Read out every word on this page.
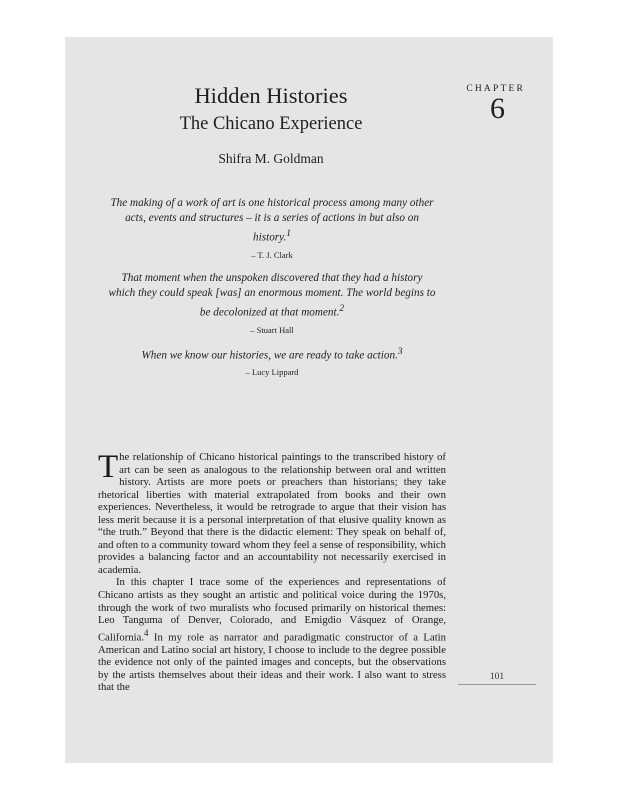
CHAPTER
6
Hidden Histories
The Chicano Experience
Shifra M. Goldman
The making of a work of art is one historical process among many other acts, events and structures – it is a series of actions in but also on history.$^1$
– T. J. Clark
That moment when the unspoken discovered that they had a history which they could speak [was] an enormous moment. The world begins to be decolonized at that moment.$^2$
– Stuart Hall
When we know our histories, we are ready to take action.$^3$
– Lucy Lippard

The relationship of Chicano historical paintings to the transcribed history of art can be seen as analogous to the relationship between oral and written history. Artists are more poets or preachers than historians; they take rhetorical liberties with material extrapolated from books and their own experiences. Nevertheless, it would be retrograde to argue that their vision has less merit because it is a personal interpretation of that elusive quality known as “the truth.” Beyond that there is the didactic element: They speak on behalf of, and often to a community toward whom they feel a sense of responsibility, which provides a balancing factor and an accountability not necessarily exercised in academia.

In this chapter I trace some of the experiences and representations of Chicano artists as they sought an artistic and political voice during the 1970s, through the work of two muralists who focused primarily on historical themes: Leo Tanguma of Denver, Colorado, and Emigdio Vásquez of Orange, California.$^4$ In my role as narrator and paradigmatic constructor of a Latin American and Latino social art history, I choose to include to the degree possible the evidence not only of the painted images and concepts, but the observations by the artists themselves about their ideas and their work. I also want to stress that the

101
